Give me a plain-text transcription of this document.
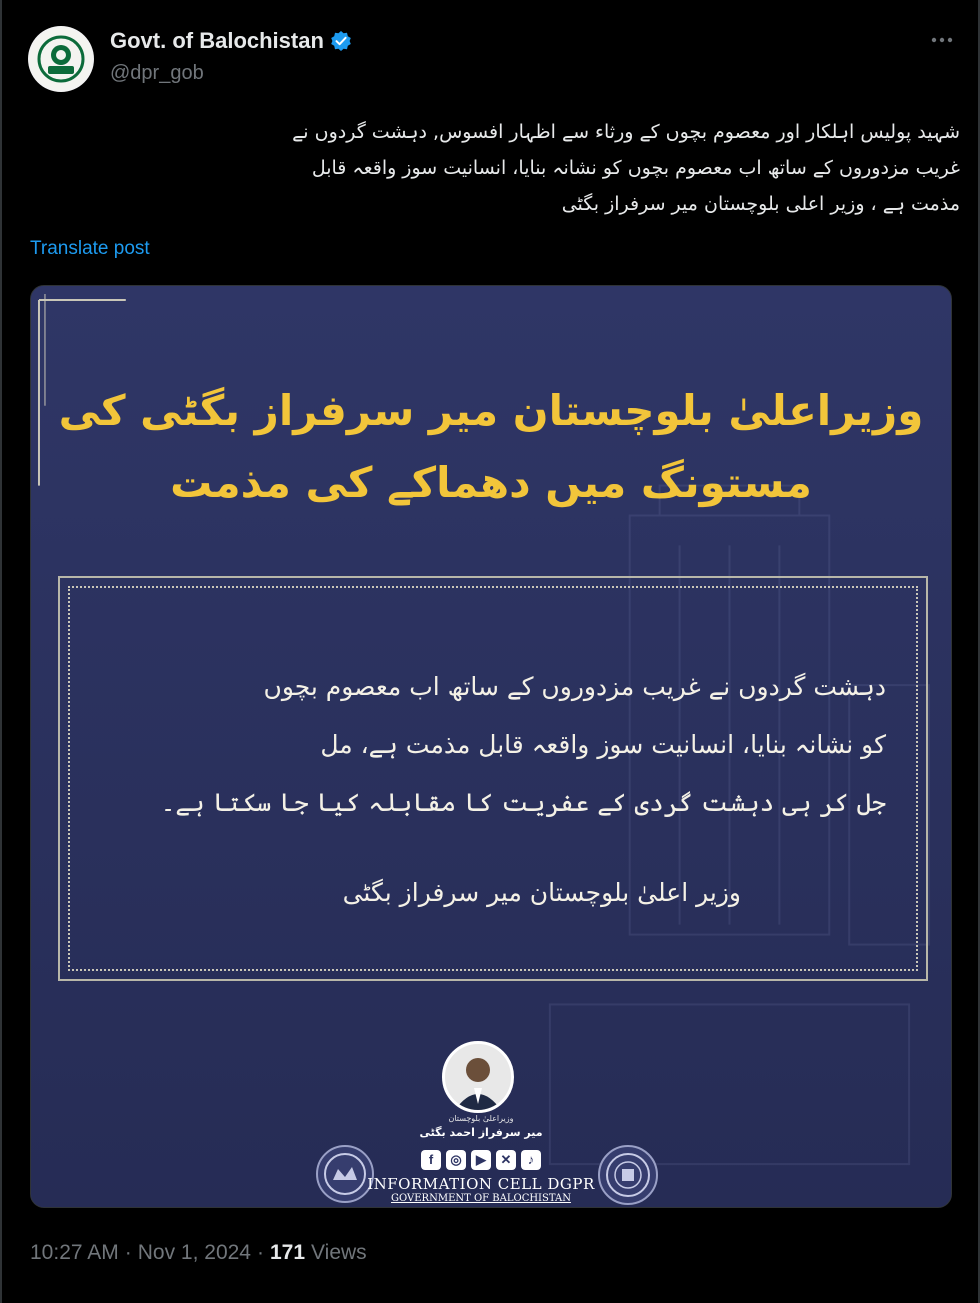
Govt. of Balochistan
@dpr_gob
شہید پولیس اہلکار اور معصوم بچوں کے ورثاء سے اظہار افسوس, دہشت گردوں نے
غریب مزدوروں کے ساتھ اب معصوم بچوں کو نشانہ بنایا، انسانیت سوز واقعہ قابل
مذمت ہے ، وزیر اعلی بلوچستان میر سرفراز بگٹی
Translate post
وزیراعلیٰ بلوچستان میر سرفراز بگٹی کی
مستونگ میں دھماکے کی مذمت
دہشت گردوں نے غریب مزدوروں کے ساتھ اب معصوم بچوں
کو نشانہ بنایا، انسانیت سوز واقعہ قابل مذمت ہے، مل
جل کر ہی دہشت گردی کے عفریت کا مقابلہ کیا جا سکتا ہے۔
وزیر اعلیٰ بلوچستان میر سرفراز بگٹی
وزیراعلیٰ بلوچستان
میر سرفراز احمد بگٹی
f	◎	▶	✕	♪
INFORMATION CELL DGPR
GOVERNMENT OF BALOCHISTAN
10:27 AM · Nov 1, 2024 · 171 Views
